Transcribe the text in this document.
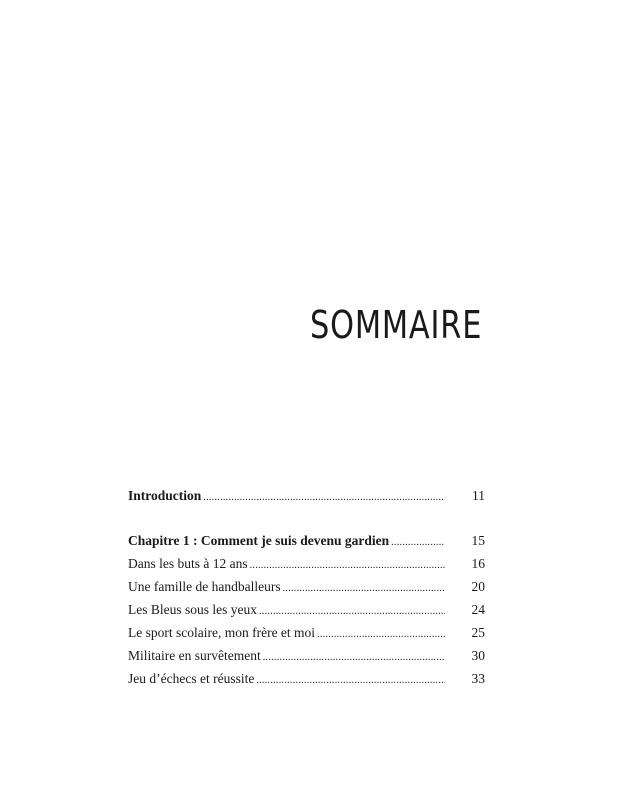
SOMMAIRE
Introduction .....	11
Chapitre 1 : Comment je suis devenu gardien .....	15
Dans les buts à 12 ans .....	16
Une famille de handballeurs .....	20
Les Bleus sous les yeux .....	24
Le sport scolaire, mon frère et moi .....	25
Militaire en survêtement .....	30
Jeu d’échecs et réussite .....	33
